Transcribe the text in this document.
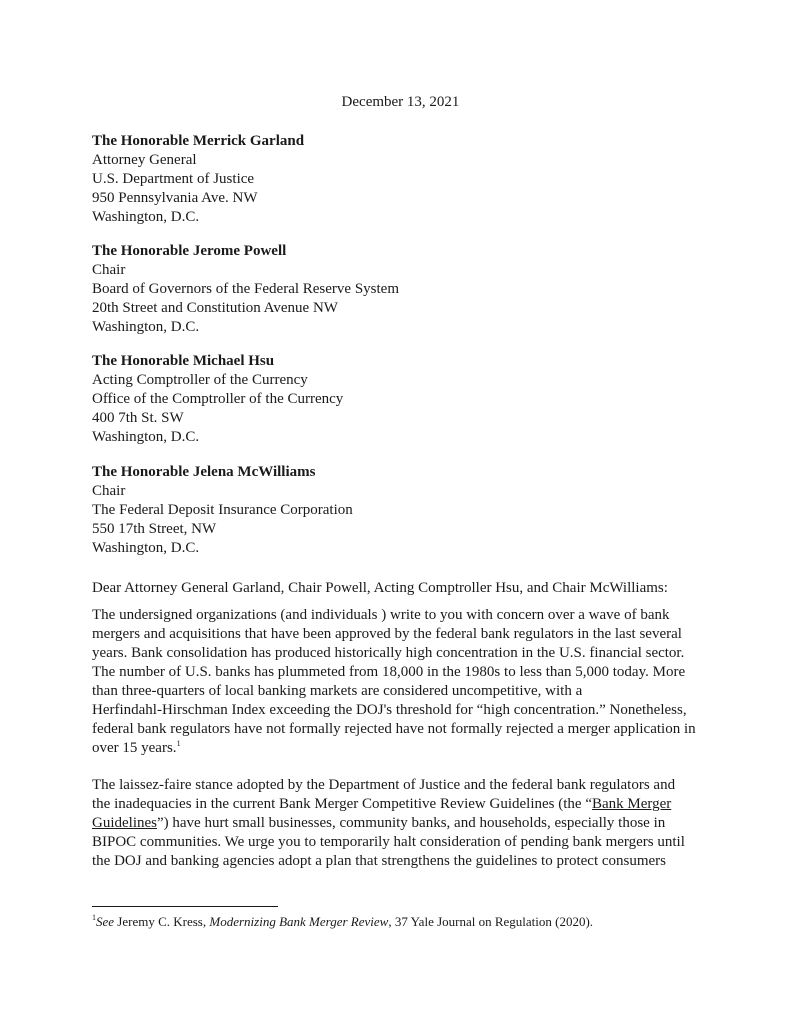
December 13, 2021
The Honorable Merrick Garland
Attorney General
U.S. Department of Justice
950 Pennsylvania Ave. NW
Washington, D.C.
The Honorable Jerome Powell
Chair
Board of Governors of the Federal Reserve System
20th Street and Constitution Avenue NW
Washington, D.C.
The Honorable Michael Hsu
Acting Comptroller of the Currency
Office of the Comptroller of the Currency
400 7th St. SW
Washington, D.C.
The Honorable Jelena McWilliams
Chair
The Federal Deposit Insurance Corporation
550 17th Street, NW
Washington, D.C.
Dear Attorney General Garland, Chair Powell, Acting Comptroller Hsu, and Chair McWilliams:
The undersigned organizations (and individuals ) write to you with concern over a wave of bank
mergers and acquisitions that have been approved by the federal bank regulators in the last several
years. Bank consolidation has produced historically high concentration in the U.S. financial sector.
The number of U.S. banks has plummeted from 18,000 in the 1980s to less than 5,000 today. More
than three-quarters of local banking markets are considered uncompetitive, with a
Herfindahl-Hirschman Index exceeding the DOJ's threshold for “high concentration.” Nonetheless,
federal bank regulators have not formally rejected have not formally rejected a merger application in
over 15 years.$^1$
The laissez-faire stance adopted by the Department of Justice and the federal bank regulators and
the inadequacies in the current Bank Merger Competitive Review Guidelines (the “Bank Merger
Guidelines”) have hurt small businesses, community banks, and households, especially those in
BIPOC communities. We urge you to temporarily halt consideration of pending bank mergers until
the DOJ and banking agencies adopt a plan that strengthens the guidelines to protect consumers
$^1$See Jeremy C. Kress, Modernizing Bank Merger Review, 37 Yale Journal on Regulation (2020).
